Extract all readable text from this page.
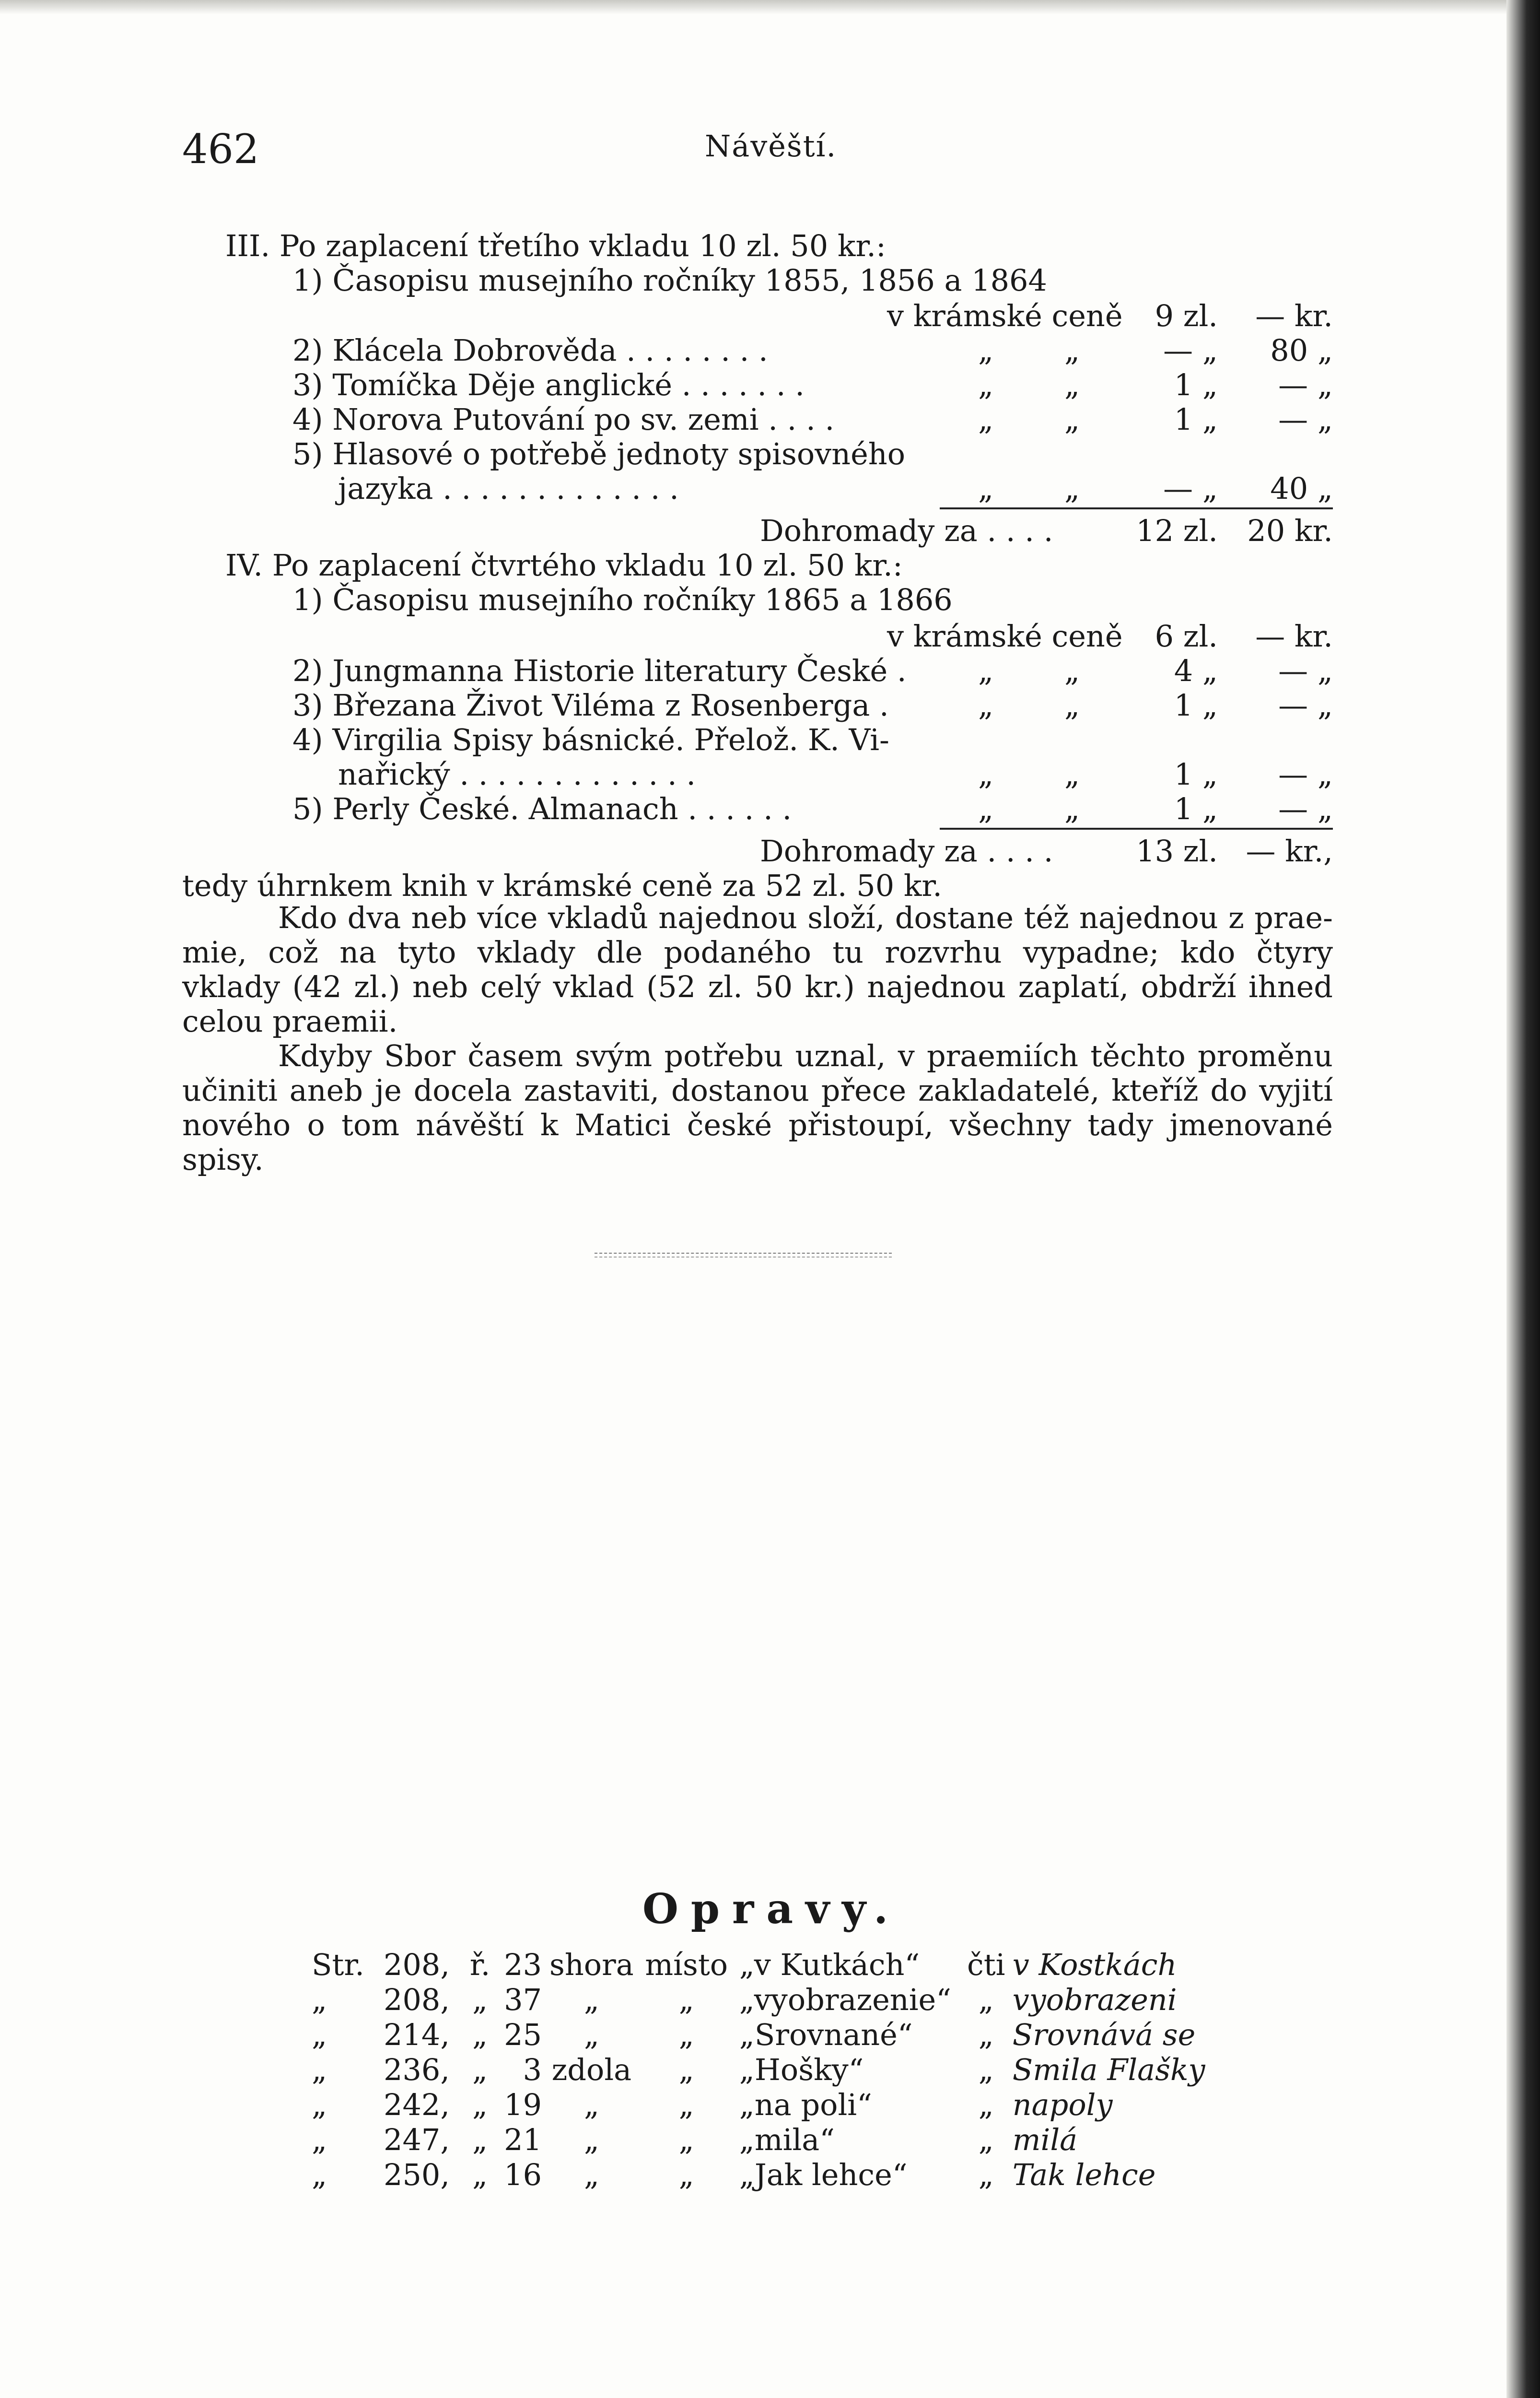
462	Návěští.
III. Po zaplacení třetího vkladu 10 zl. 50 kr.:
1) Časopisu musejního ročníky 1855, 1856 a 1864
v krámské ceně	9 zl.	— kr.
2) Klácela Dobrověda . . . . . . . .	„ „	— „	80 „
3) Tomíčka Děje anglické . . . . . . .	„ „	1 „	— „
4) Norova Putování po sv. zemi . . . .	„ „	1 „	— „
5) Hlasové o potřebě jednoty spisovného
jazyka . . . . . . . . . . . . .	„ „	— „	40 „
Dohromady za . . . .	12 zl. 20 kr.
IV. Po zaplacení čtvrtého vkladu 10 zl. 50 kr.:
1) Časopisu musejního ročníky 1865 a 1866
v krámské ceně	6 zl.	— kr.
2) Jungmanna Historie literatury České . „ „	4 „	— „
3) Březana Život Viléma z Rosenberga .	„ „	1 „	— „
4) Virgilia Spisy básnické. Přelož. K. Vi-
nařický . . . . . . . . . . . . .	„ „	1 „	— „
5) Perly České. Almanach . . . . . .	„ „	1 „	— „
Dohromady za . . . .	13 zl. — kr.,
tedy úhrnkem knih v krámské ceně za 52 zl. 50 kr.
Kdo dva neb více vkladů najednou složí, dostane též najednou z prae-
mie, což na tyto vklady dle podaného tu rozvrhu vypadne; kdo čtyry
vklady (42 zl.) neb celý vklad (52 zl. 50 kr.) najednou zaplatí, obdrží ihned
celou praemii.
Kdyby Sbor časem svým potřebu uznal, v praemiích těchto proměnu
učiniti aneb je docela zastaviti, dostanou přece zakladatelé, kteříž do vyjití
nového o tom návěští k Matici české přistoupí, všechny tady jmenované
spisy.
Opravy.
Str.	208,	ř.	23	shora	místo	„v Kutkách“	čti	v Kostkách
„	208,	„	37	„	„	„vyobrazenie“	„	vyobrazeni
„	214,	„	25	„	„	„Srovnané“	„	Srovnává se
„	236,	„	3	zdola	„	„Hošky“	„	Smila Flašky
„	242,	„	19	„	„	„na poli“	„	napoly
„	247,	„	21	„	„	„mila“	„	milá
„	250,	„	16	„	„	„Jak lehce“	„	Tak lehce
